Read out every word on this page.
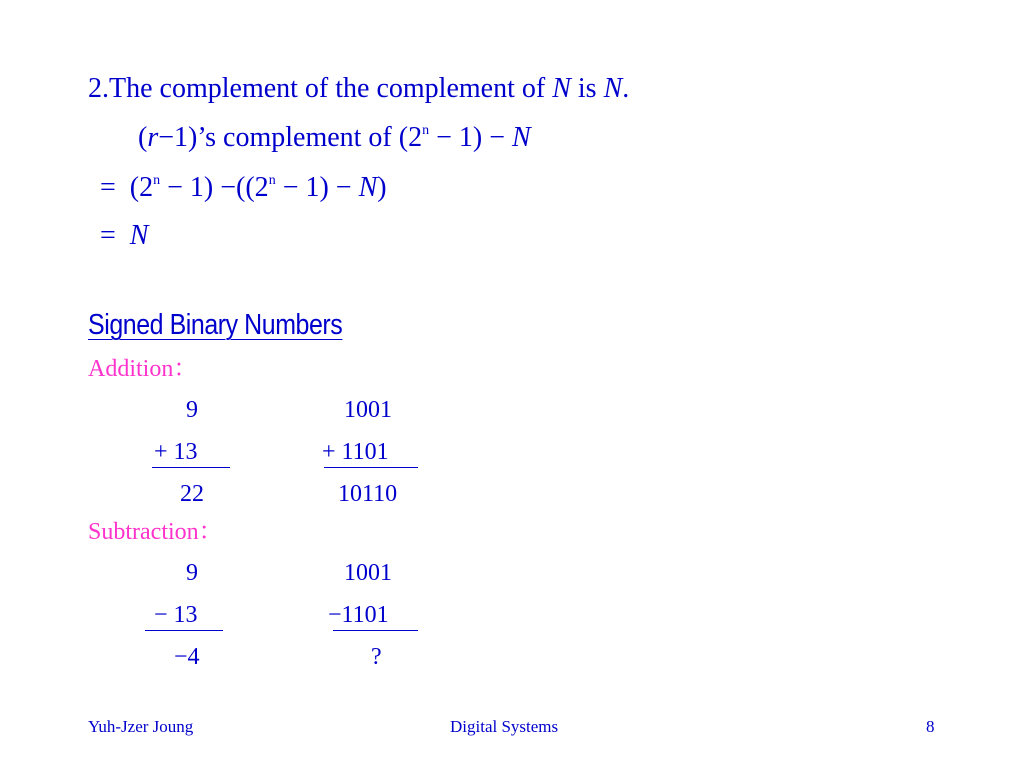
2.The complement of the complement of N is N.
(r−1)’s complement of $(2^n - 1) - N$
= $(2^n - 1) -((2^n - 1) - N)$
= N
Signed Binary Numbers
Addition：
9
+ 13
22
1001
+ 1101
10110
Subtraction：
9
− 13
−4
1001
−1101
?
Yuh-Jzer Joung	Digital Systems	8
